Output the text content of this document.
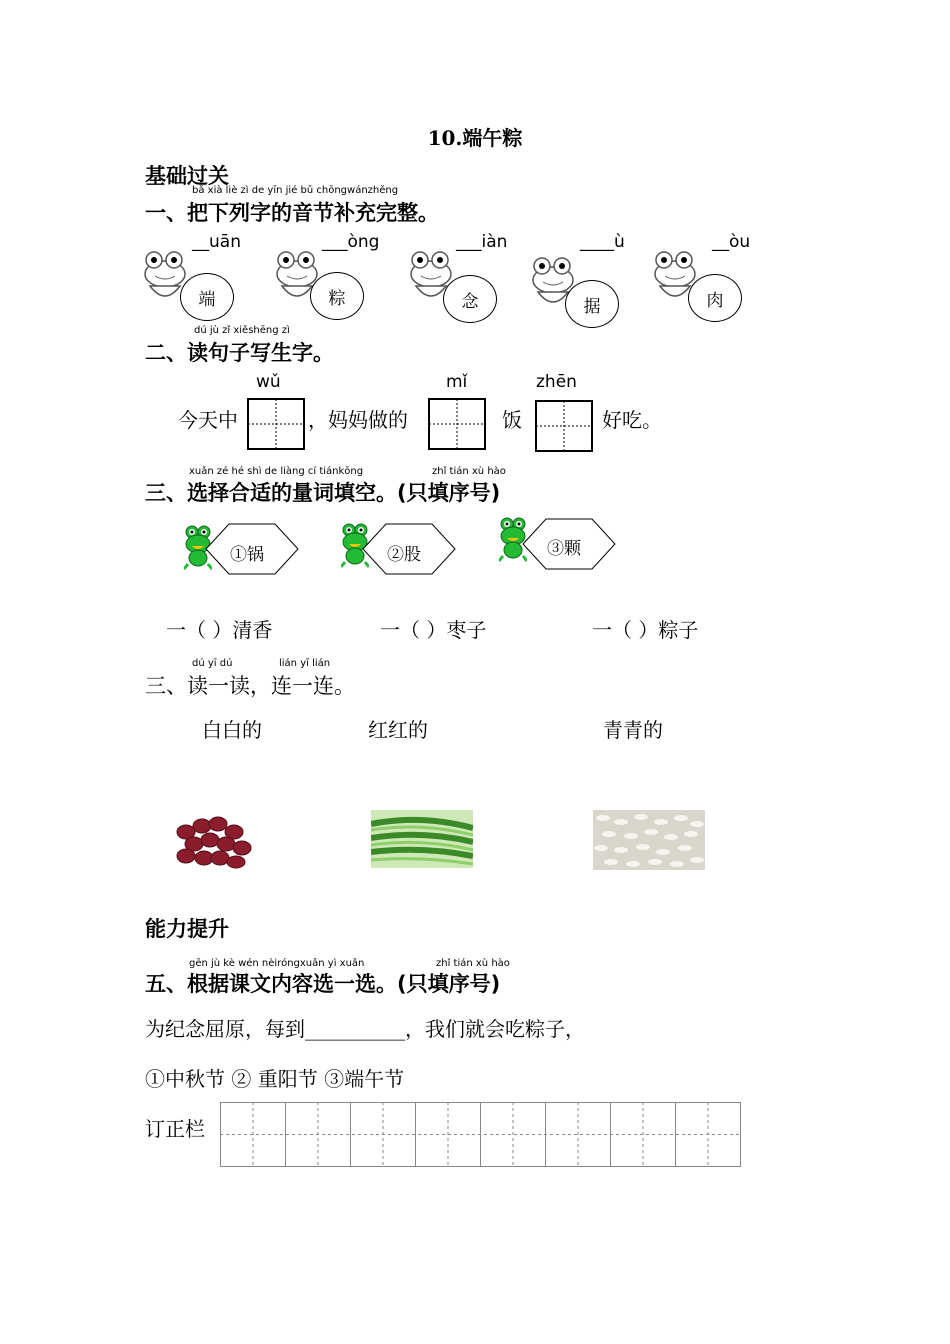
10.端午粽
基础过关
bǎ xià liè zì de yīn jié bǔ chōngwánzhěng
一、把下列字的音节补充完整。
__uān	___òng	___iàn	____ù	__òu
端	粽	念	据	肉
dú jù zǐ xiěshēng zì
二、读句子写生字。
wǔ	mǐ	zhēn
今天中	，妈妈做的	饭	好吃。
xuǎn zé hé shì de liàng cí tiánkōng	zhǐ tián xù hào
三、选择合适的量词填空。(只填序号)
①锅	②股	③颗
一（ ）清香	一（ ）枣子	一（ ）粽子
dú yī dú	lián yī lián
三、读一读，连一连。
白白的	红红的	青青的
能力提升
gēn jù kè wén nèiróngxuǎn yì xuǎn	zhǐ tián xù hào
五、根据课文内容选一选。(只填序号)
为纪念屈原，每到__________，我们就会吃粽子，
①中秋节 ② 重阳节 ③端午节
订正栏
